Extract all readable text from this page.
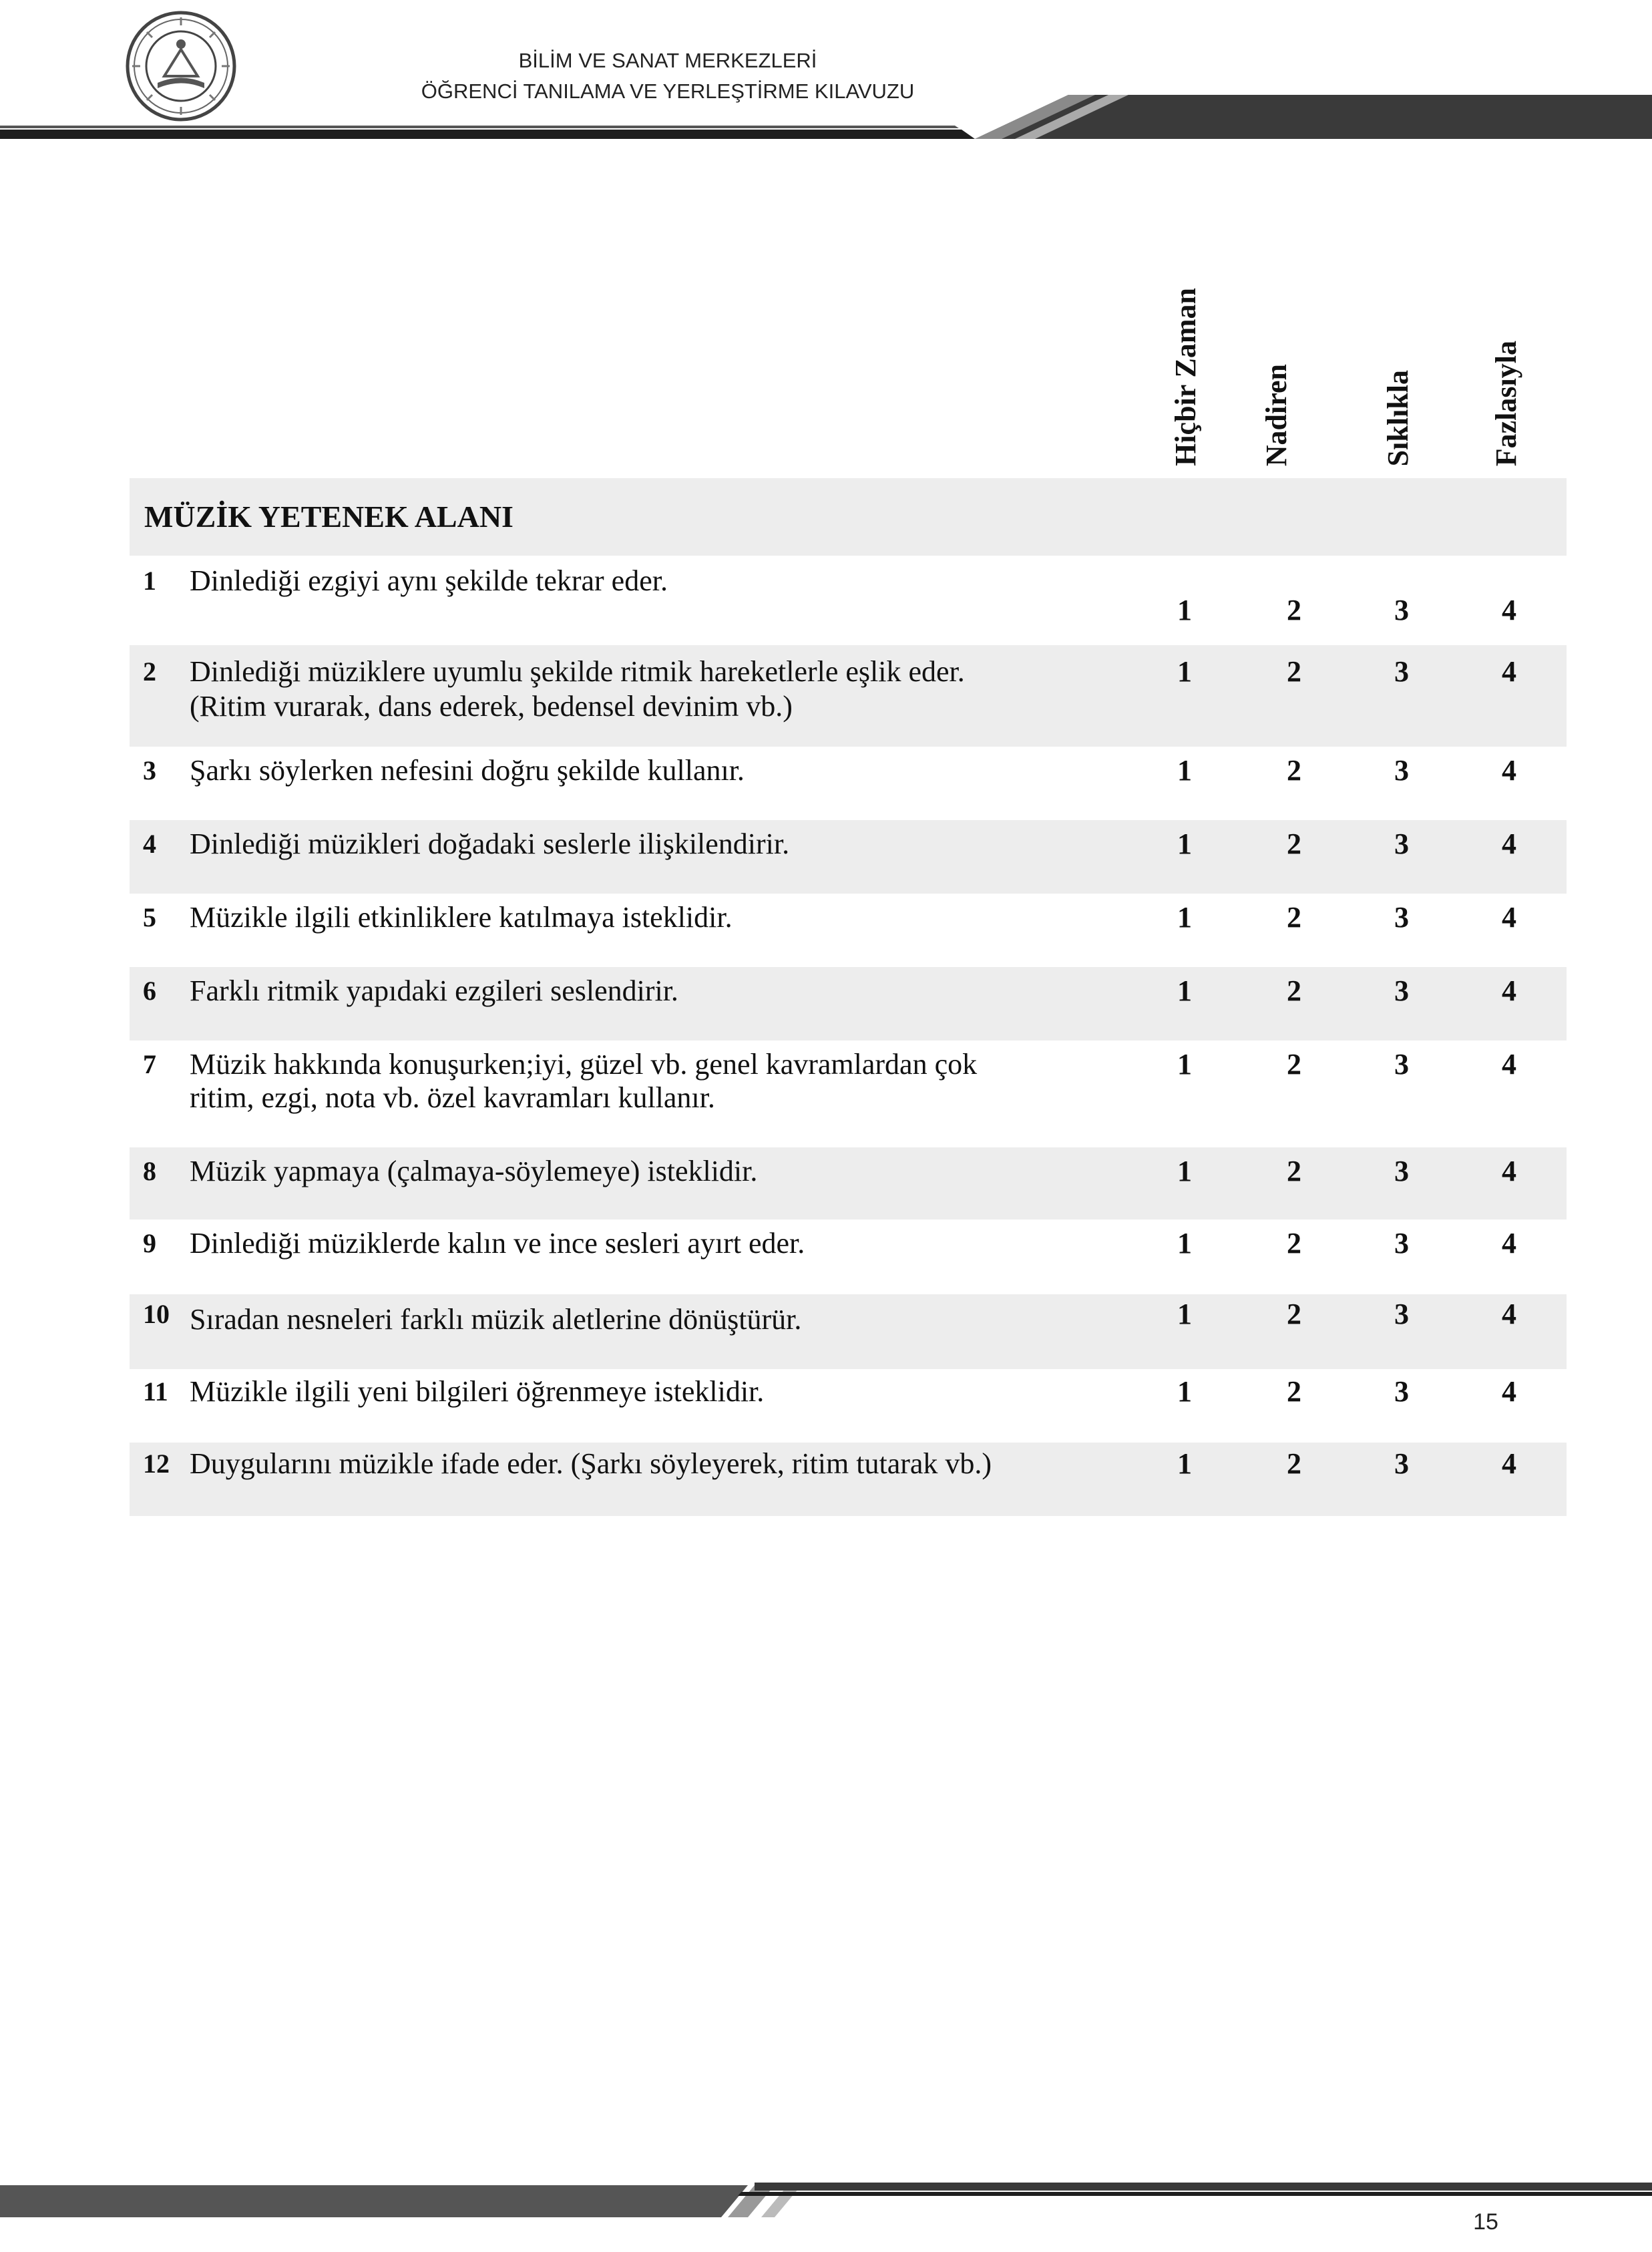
BİLİM VE SANAT MERKEZLERİ
ÖĞRENCİ TANILAMA VE YERLEŞTİRME KILAVUZU
Hiçbir Zaman Nadiren	Sıklıkla	Fazlasıyla
MÜZİK YETENEK ALANI
1 Dinlediği ezgiyi aynı şekilde tekrar eder.
1	2	3	4
2 Dinlediği müziklere uyumlu şekilde ritmik hareketlerle eşlik eder.
(Ritim vurarak, dans ederek, bedensel devinim vb.)
1	2	3	4
3 Şarkı söylerken nefesini doğru şekilde kullanır.	1	2	3	4
4 Dinlediği müzikleri doğadaki seslerle ilişkilendirir.	1	2	3	4
5 Müzikle ilgili etkinliklere katılmaya isteklidir.	1	2	3	4
6 Farklı ritmik yapıdaki ezgileri seslendirir.	1	2	3	4
7 Müzik hakkında konuşurken;iyi, güzel vb. genel kavramlardan çok
ritim, ezgi, nota vb. özel kavramları kullanır.
1	2	3	4
8 Müzik yapmaya (çalmaya-söylemeye) isteklidir.	1	2	3	4
9 Dinlediği müziklerde kalın ve ince sesleri ayırt eder.	1	2	3	4
10 Sıradan nesneleri farklı müzik aletlerine dönüştürür.	1	2	3	4
11 Müzikle ilgili yeni bilgileri öğrenmeye isteklidir.	1	2	3	4
12 Duygularını müzikle ifade eder. (Şarkı söyleyerek, ritim tutarak vb.)	1	2	3	4
15
